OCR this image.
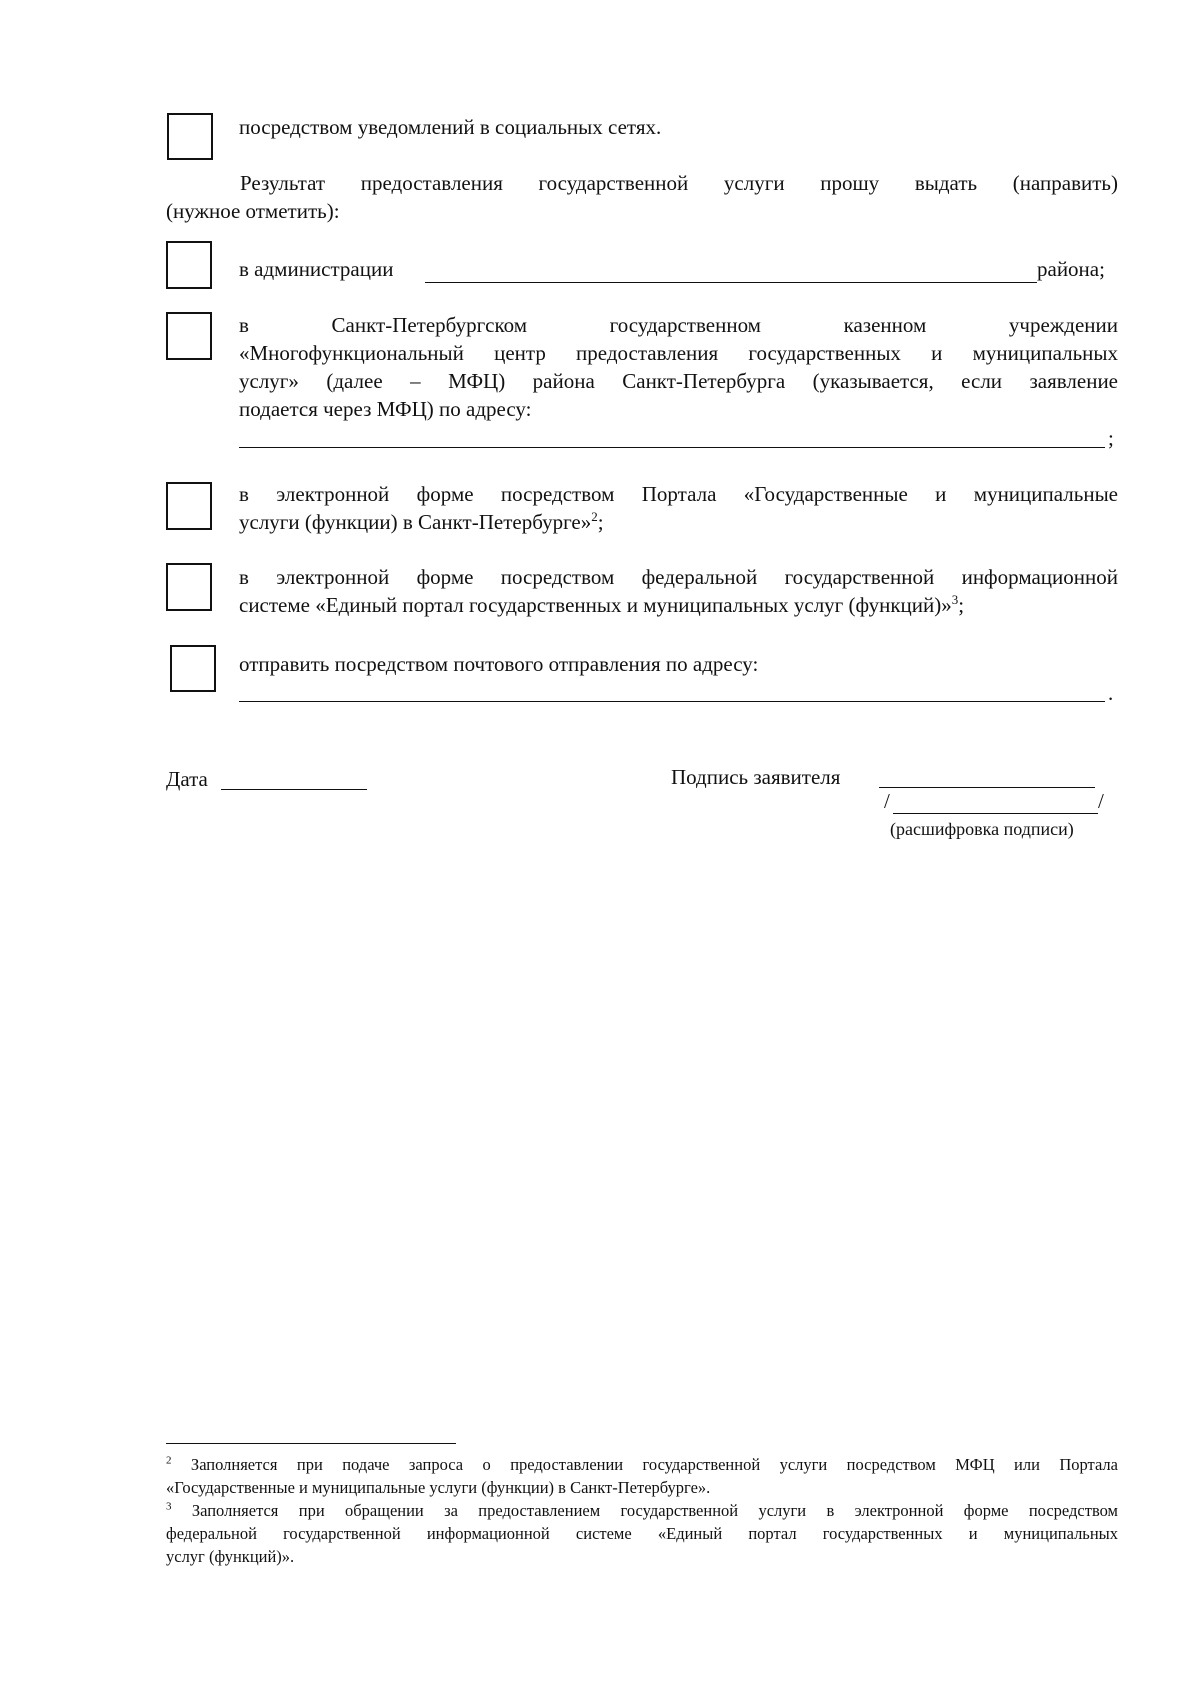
посредством уведомлений в социальных сетях.
Результат предоставления государственной услуги прошу выдать (направить)
(нужное отметить):
в администрации	района;
в Санкт-Петербургском государственном казенном учреждении
«Многофункциональный центр предоставления государственных и муниципальных
услуг» (далее – МФЦ) района Санкт-Петербурга (указывается, если заявление
подается через МФЦ) по адресу:
;
в электронной форме посредством Портала «Государственные и муниципальные
услуги (функции) в Санкт-Петербурге»$^2$;
в электронной форме посредством федеральной государственной информационной
системе «Единый портал государственных и муниципальных услуг (функций)»$^3$;
отправить посредством почтового отправления по адресу:
.
Дата	Подпись заявителя
/	/
(расшифровка подписи)
$^2$ Заполняется при подаче запроса о предоставлении государственной услуги посредством МФЦ или Портала
«Государственные и муниципальные услуги (функции) в Санкт-Петербурге».
$^3$ Заполняется при обращении за предоставлением государственной услуги в электронной форме посредством
федеральной государственной информационной системе «Единый портал государственных и муниципальных
услуг (функций)».
